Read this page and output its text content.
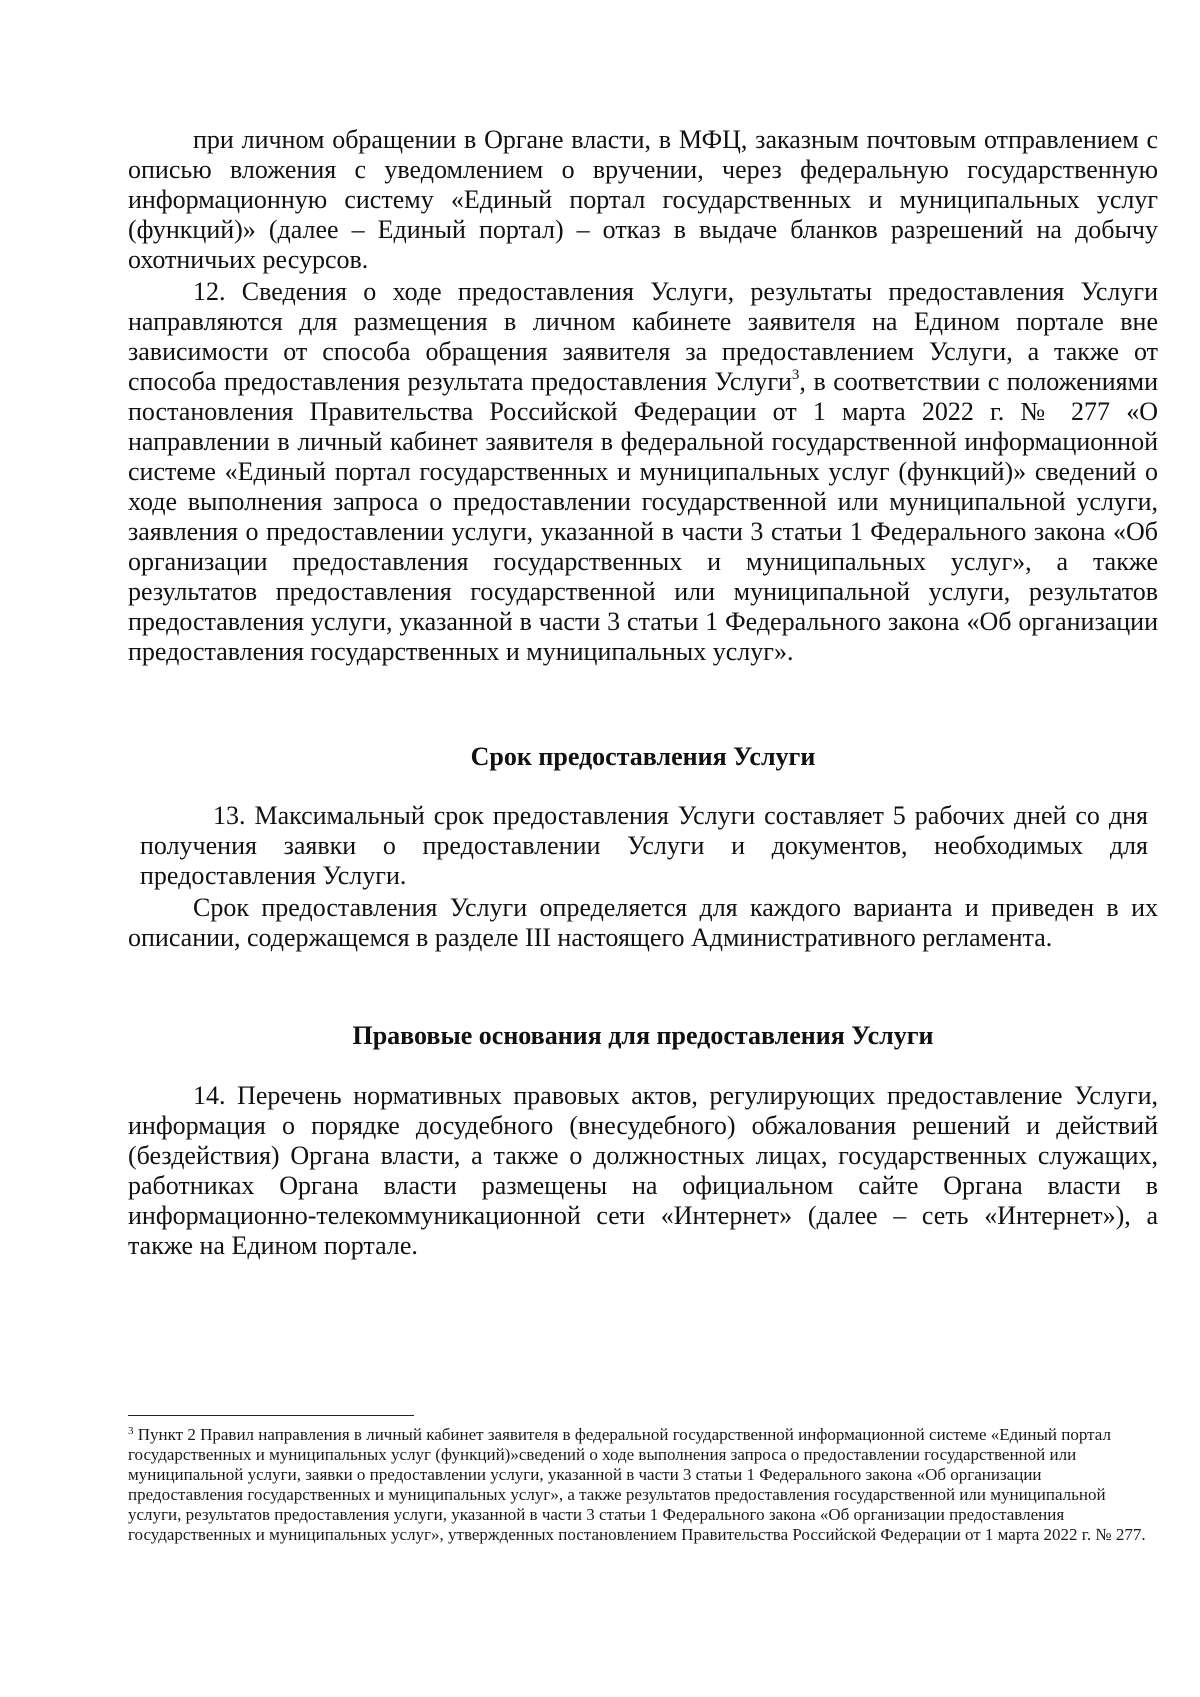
при личном обращении в Органе власти, в МФЦ, заказным почтовым отправлением с описью вложения с уведомлением о вручении, через федеральную государственную информационную систему «Единый портал государственных и муниципальных услуг (функций)» (далее – Единый портал) – отказ в выдаче бланков разрешений на добычу охотничьих ресурсов.

12. Сведения о ходе предоставления Услуги, результаты предоставления Услуги направляются для размещения в личном кабинете заявителя на Едином портале вне зависимости от способа обращения заявителя за предоставлением Услуги, а также от способа предоставления результата предоставления Услуги$^3$, в соответствии с положениями постановления Правительства Российской Федерации от 1 марта 2022 г. № 277 «О направлении в личный кабинет заявителя в федеральной государственной информационной системе «Единый портал государственных и муниципальных услуг (функций)» сведений о ходе выполнения запроса о предоставлении государственной или муниципальной услуги, заявления о предоставлении услуги, указанной в части 3 статьи 1 Федерального закона «Об организации предоставления государственных и муниципальных услуг», а также результатов предоставления государственной или муниципальной услуги, результатов предоставления услуги, указанной в части 3 статьи 1 Федерального закона «Об организации предоставления государственных и муниципальных услуг».

Срок предоставления Услуги

13. Максимальный срок предоставления Услуги составляет 5 рабочих дней со дня получения заявки о предоставлении Услуги и документов, необходимых для предоставления Услуги.

Срок предоставления Услуги определяется для каждого варианта и приведен в их описании, содержащемся в разделе III настоящего Административного регламента.

Правовые основания для предоставления Услуги

14. Перечень нормативных правовых актов, регулирующих предоставление Услуги, информация о порядке досудебного (внесудебного) обжалования решений и действий (бездействия) Органа власти, а также о должностных лицах, государственных служащих, работниках Органа власти размещены на официальном сайте Органа власти в информационно-телекоммуникационной сети «Интернет» (далее – сеть «Интернет»), а также на Едином портале.

$^3$ Пункт 2 Правил направления в личный кабинет заявителя в федеральной государственной информационной системе «Единый портал государственных и муниципальных услуг (функций)»сведений о ходе выполнения запроса о предоставлении государственной или муниципальной услуги, заявки о предоставлении услуги, указанной в части 3 статьи 1 Федерального закона «Об организации предоставления государственных и муниципальных услуг», а также результатов предоставления государственной или муниципальной услуги, результатов предоставления услуги, указанной в части 3 статьи 1 Федерального закона «Об организации предоставления государственных и муниципальных услуг», утвержденных постановлением Правительства Российской Федерации от 1 марта 2022 г. № 277.
